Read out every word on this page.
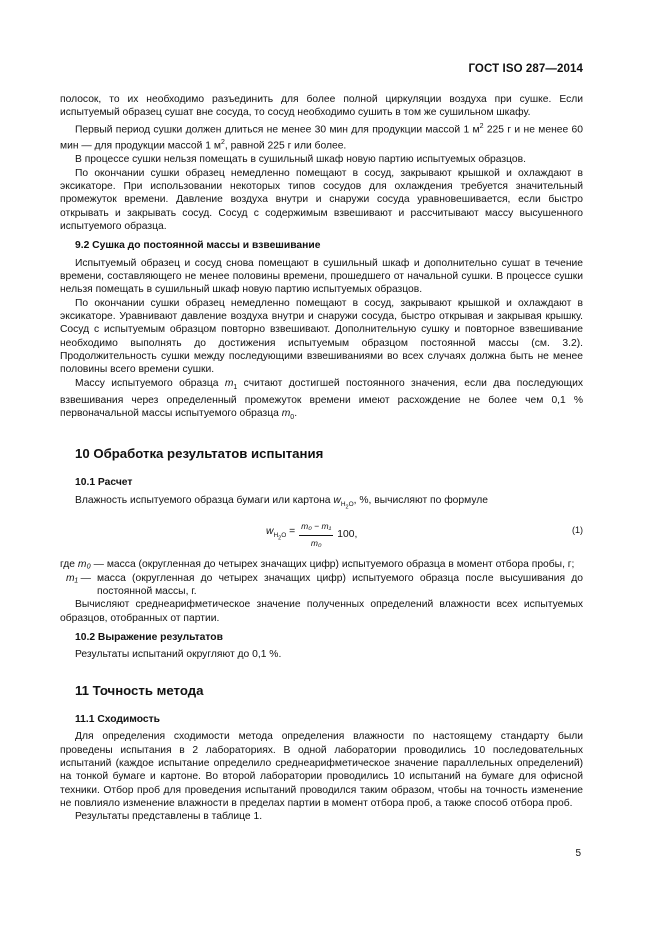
ГОСТ ISO 287—2014

полосок, то их необходимо разъединить для более полной циркуляции воздуха при сушке. Если испытуемый образец сушат вне сосуда, то сосуд необходимо сушить в том же сушильном шкафу.

Первый период сушки должен длиться не менее 30 мин для продукции массой 1 $м^2$ 225 г и не менее 60 мин — для продукции массой 1 $м^2$, равной 225 г или более.

В процессе сушки нельзя помещать в сушильный шкаф новую партию испытуемых образцов.

По окончании сушки образец немедленно помещают в сосуд, закрывают крышкой и охлаждают в эксикаторе. При использовании некоторых типов сосудов для охлаждения требуется значительный промежуток времени. Давление воздуха внутри и снаружи сосуда уравновешивается, если быстро открывать и закрывать сосуд. Сосуд с содержимым взвешивают и рассчитывают массу высушенного испытуемого образца.

9.2 Сушка до постоянной массы и взвешивание

Испытуемый образец и сосуд снова помещают в сушильный шкаф и дополнительно сушат в течение времени, составляющего не менее половины времени, прошедшего от начальной сушки. В процессе сушки нельзя помещать в сушильный шкаф новую партию испытуемых образцов.

По окончании сушки образец немедленно помещают в сосуд, закрывают крышкой и охлаждают в эксикаторе. Уравнивают давление воздуха внутри и снаружи сосуда, быстро открывая и закрывая крышку. Сосуд с испытуемым образцом повторно взвешивают. Дополнительную сушку и повторное взвешивание необходимо выполнять до достижения испытуемым образцом постоянной массы (см. 3.2). Продолжительность сушки между последующими взвешиваниями во всех случаях должна быть не менее половины всего времени сушки.

Массу испытуемого образца $m_1$ считают достигшей постоянного значения, если два последующих взвешивания через определенный промежуток времени имеют расхождение не более чем 0,1 % первоначальной массы испытуемого образца $m_0$.

10 Обработка результатов испытания
10.1 Расчет

Влажность испытуемого образца бумаги или картона $w_{H_2O}$, %, вычисляют по формуле

$w_{H_2O} = \frac{\text{m₀ − m₁}}{\text{m₀}} 100$,	(1)
где m₀ — масса (округленная до четырех значащих цифр) испытуемого образца в момент отбора пробы, г;
m₁ — масса (округленная до четырех значащих цифр) испытуемого образца после высушивания до постоянной массы, г.

Вычисляют среднеарифметическое значение полученных определений влажности всех испытуемых образцов, отобранных от партии.

10.2 Выражение результатов

Результаты испытаний округляют до 0,1 %.

11 Точность метода
11.1 Сходимость

Для определения сходимости метода определения влажности по настоящему стандарту были проведены испытания в 2 лабораториях. В одной лаборатории проводились 10 последовательных испытаний (каждое испытание определило среднеарифметическое значение параллельных определений) на тонкой бумаге и картоне. Во второй лаборатории проводились 10 испытаний на бумаге для офисной техники. Отбор проб для проведения испытаний проводился таким образом, чтобы на точность изменение не повлияло изменение влажности в пределах партии в момент отбора проб, а также способ отбора проб.

Результаты представлены в таблице 1.

5
